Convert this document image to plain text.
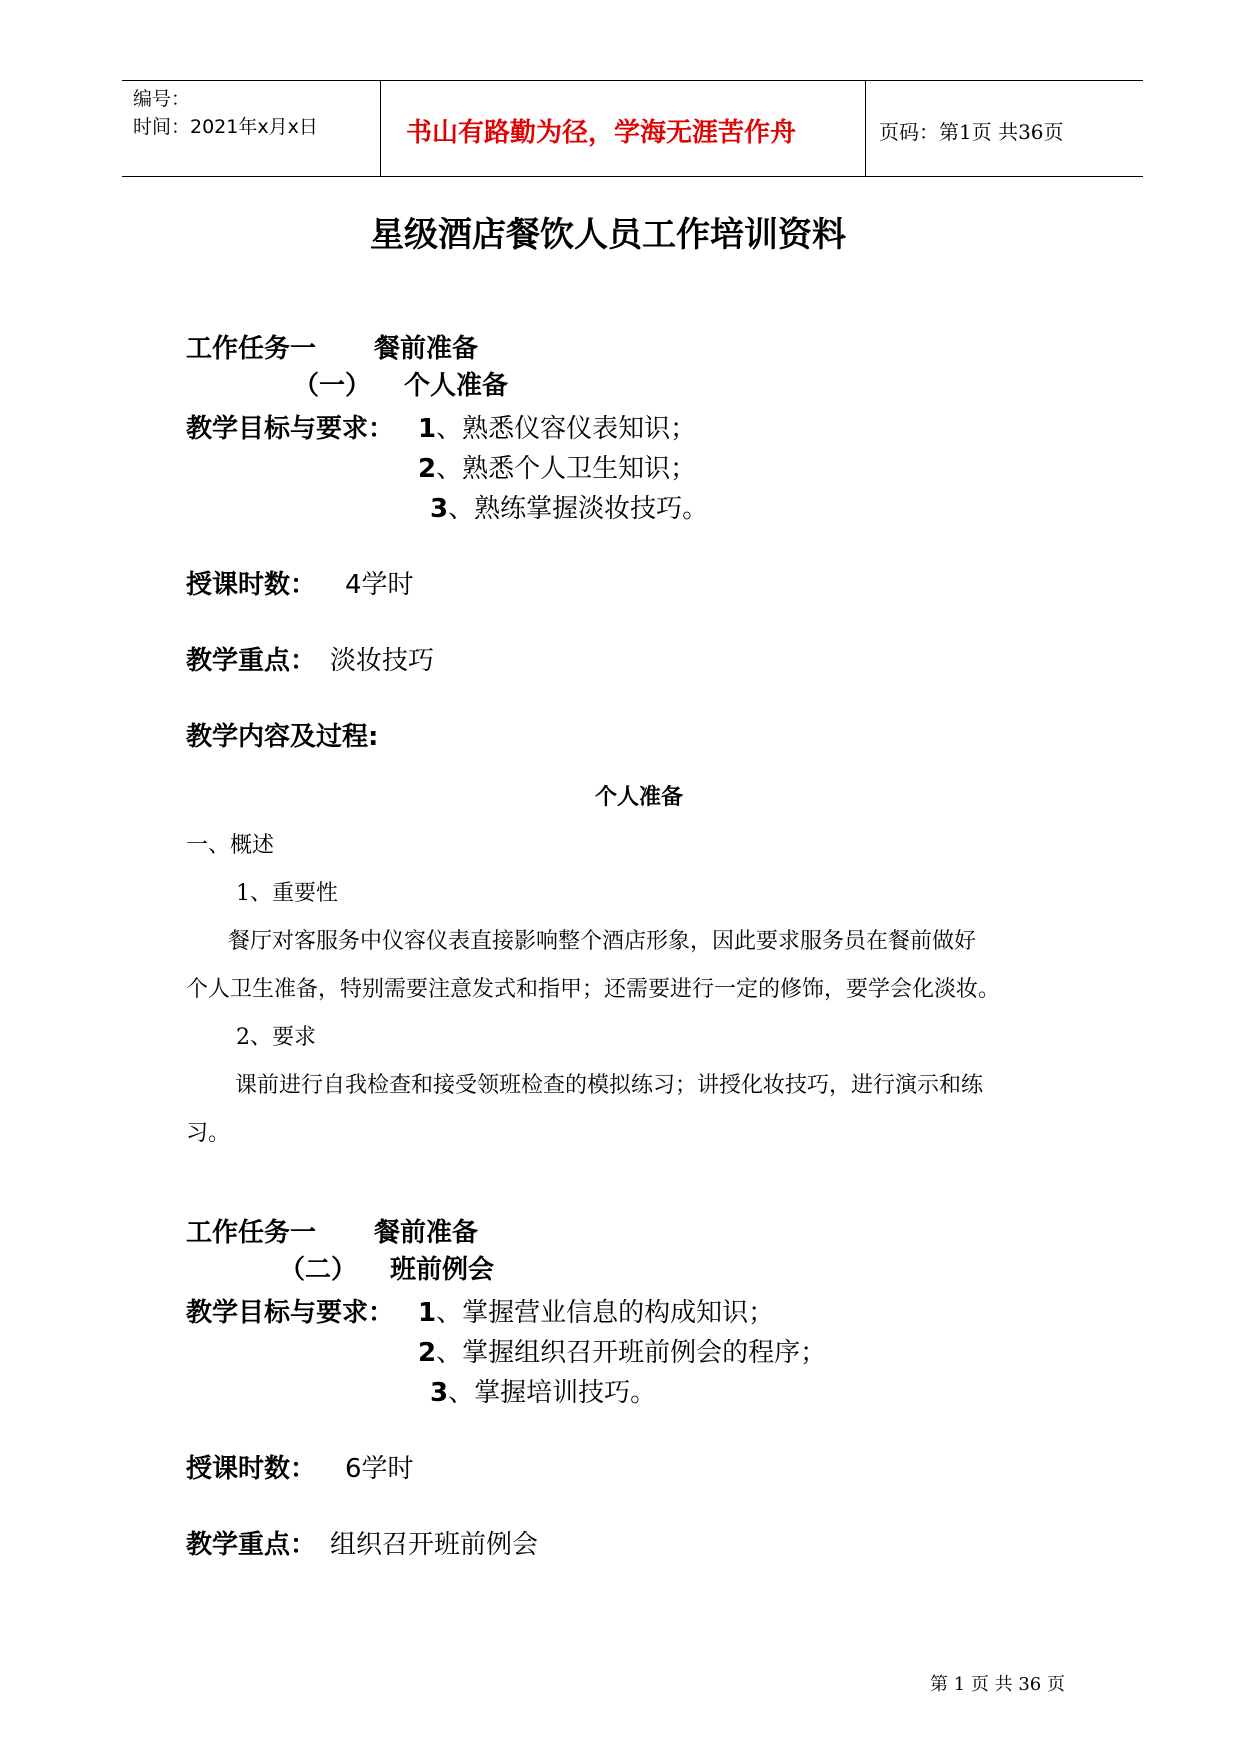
编号：
时间：2021年x月x日	书山有路勤为径，学海无涯苦作舟	页码：第1页 共36页
星级酒店餐饮人员工作培训资料
工作任务一 餐前准备
（一） 个人准备
教学目标与要求： 1、熟悉仪容仪表知识；
2、熟悉个人卫生知识；
3、熟练掌握淡妆技巧。
授课时数： 4学时
教学重点： 淡妆技巧
教学内容及过程:
个人准备
一、概述
1、重要性
餐厅对客服务中仪容仪表直接影响整个酒店形象，因此要求服务员在餐前做好
个人卫生准备，特别需要注意发式和指甲；还需要进行一定的修饰，要学会化淡妆。
2、要求
课前进行自我检查和接受领班检查的模拟练习；讲授化妆技巧，进行演示和练
习。
工作任务一 餐前准备
（二） 班前例会
教学目标与要求： 1、掌握营业信息的构成知识；
2、掌握组织召开班前例会的程序；
3、掌握培训技巧。
授课时数： 6学时
教学重点： 组织召开班前例会
第 1 页 共 36 页
